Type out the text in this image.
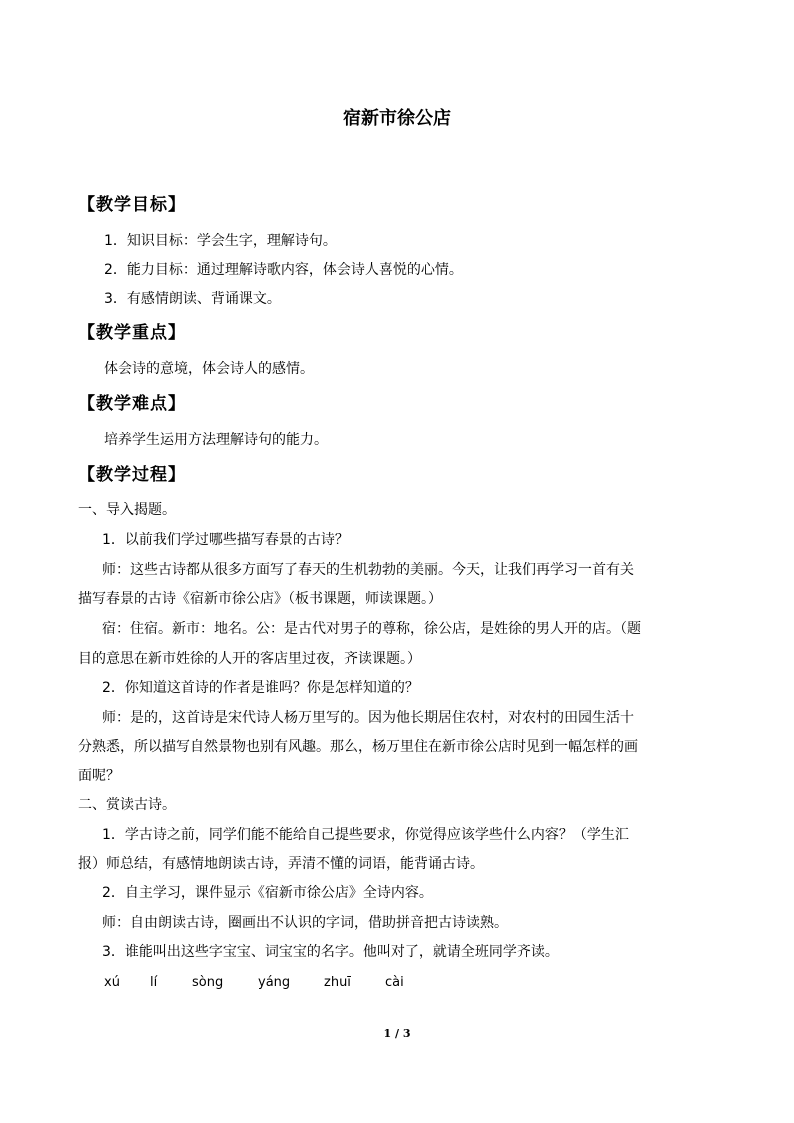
宿新市徐公店
【教学目标】
1．知识目标：学会生字，理解诗句。
2．能力目标：通过理解诗歌内容，体会诗人喜悦的心情。
3．有感情朗读、背诵课文。
【教学重点】
体会诗的意境，体会诗人的感情。
【教学难点】
培养学生运用方法理解诗句的能力。
【教学过程】
一、导入揭题。
1．以前我们学过哪些描写春景的古诗？
师：这些古诗都从很多方面写了春天的生机勃勃的美丽。今天，让我们再学习一首有关
描写春景的古诗《宿新市徐公店》（板书课题，师读课题。）
宿：住宿。新市：地名。公：是古代对男子的尊称，徐公店，是姓徐的男人开的店。（题
目的意思在新市姓徐的人开的客店里过夜，齐读课题。）
2．你知道这首诗的作者是谁吗？你是怎样知道的？
师：是的，这首诗是宋代诗人杨万里写的。因为他长期居住农村，对农村的田园生活十
分熟悉，所以描写自然景物也别有风趣。那么，杨万里住在新市徐公店时见到一幅怎样的画
面呢？
二、赏读古诗。
1．学古诗之前，同学们能不能给自己提些要求，你觉得应该学些什么内容？（学生汇
报）师总结，有感情地朗读古诗，弄清不懂的词语，能背诵古诗。
2．自主学习，课件显示《宿新市徐公店》全诗内容。
师：自由朗读古诗，圈画出不认识的字词，借助拼音把古诗读熟。
3．谁能叫出这些字宝宝、词宝宝的名字。他叫对了，就请全班同学齐读。
xú lí	sòng	yáng	zhuī	cài
1 / 3
